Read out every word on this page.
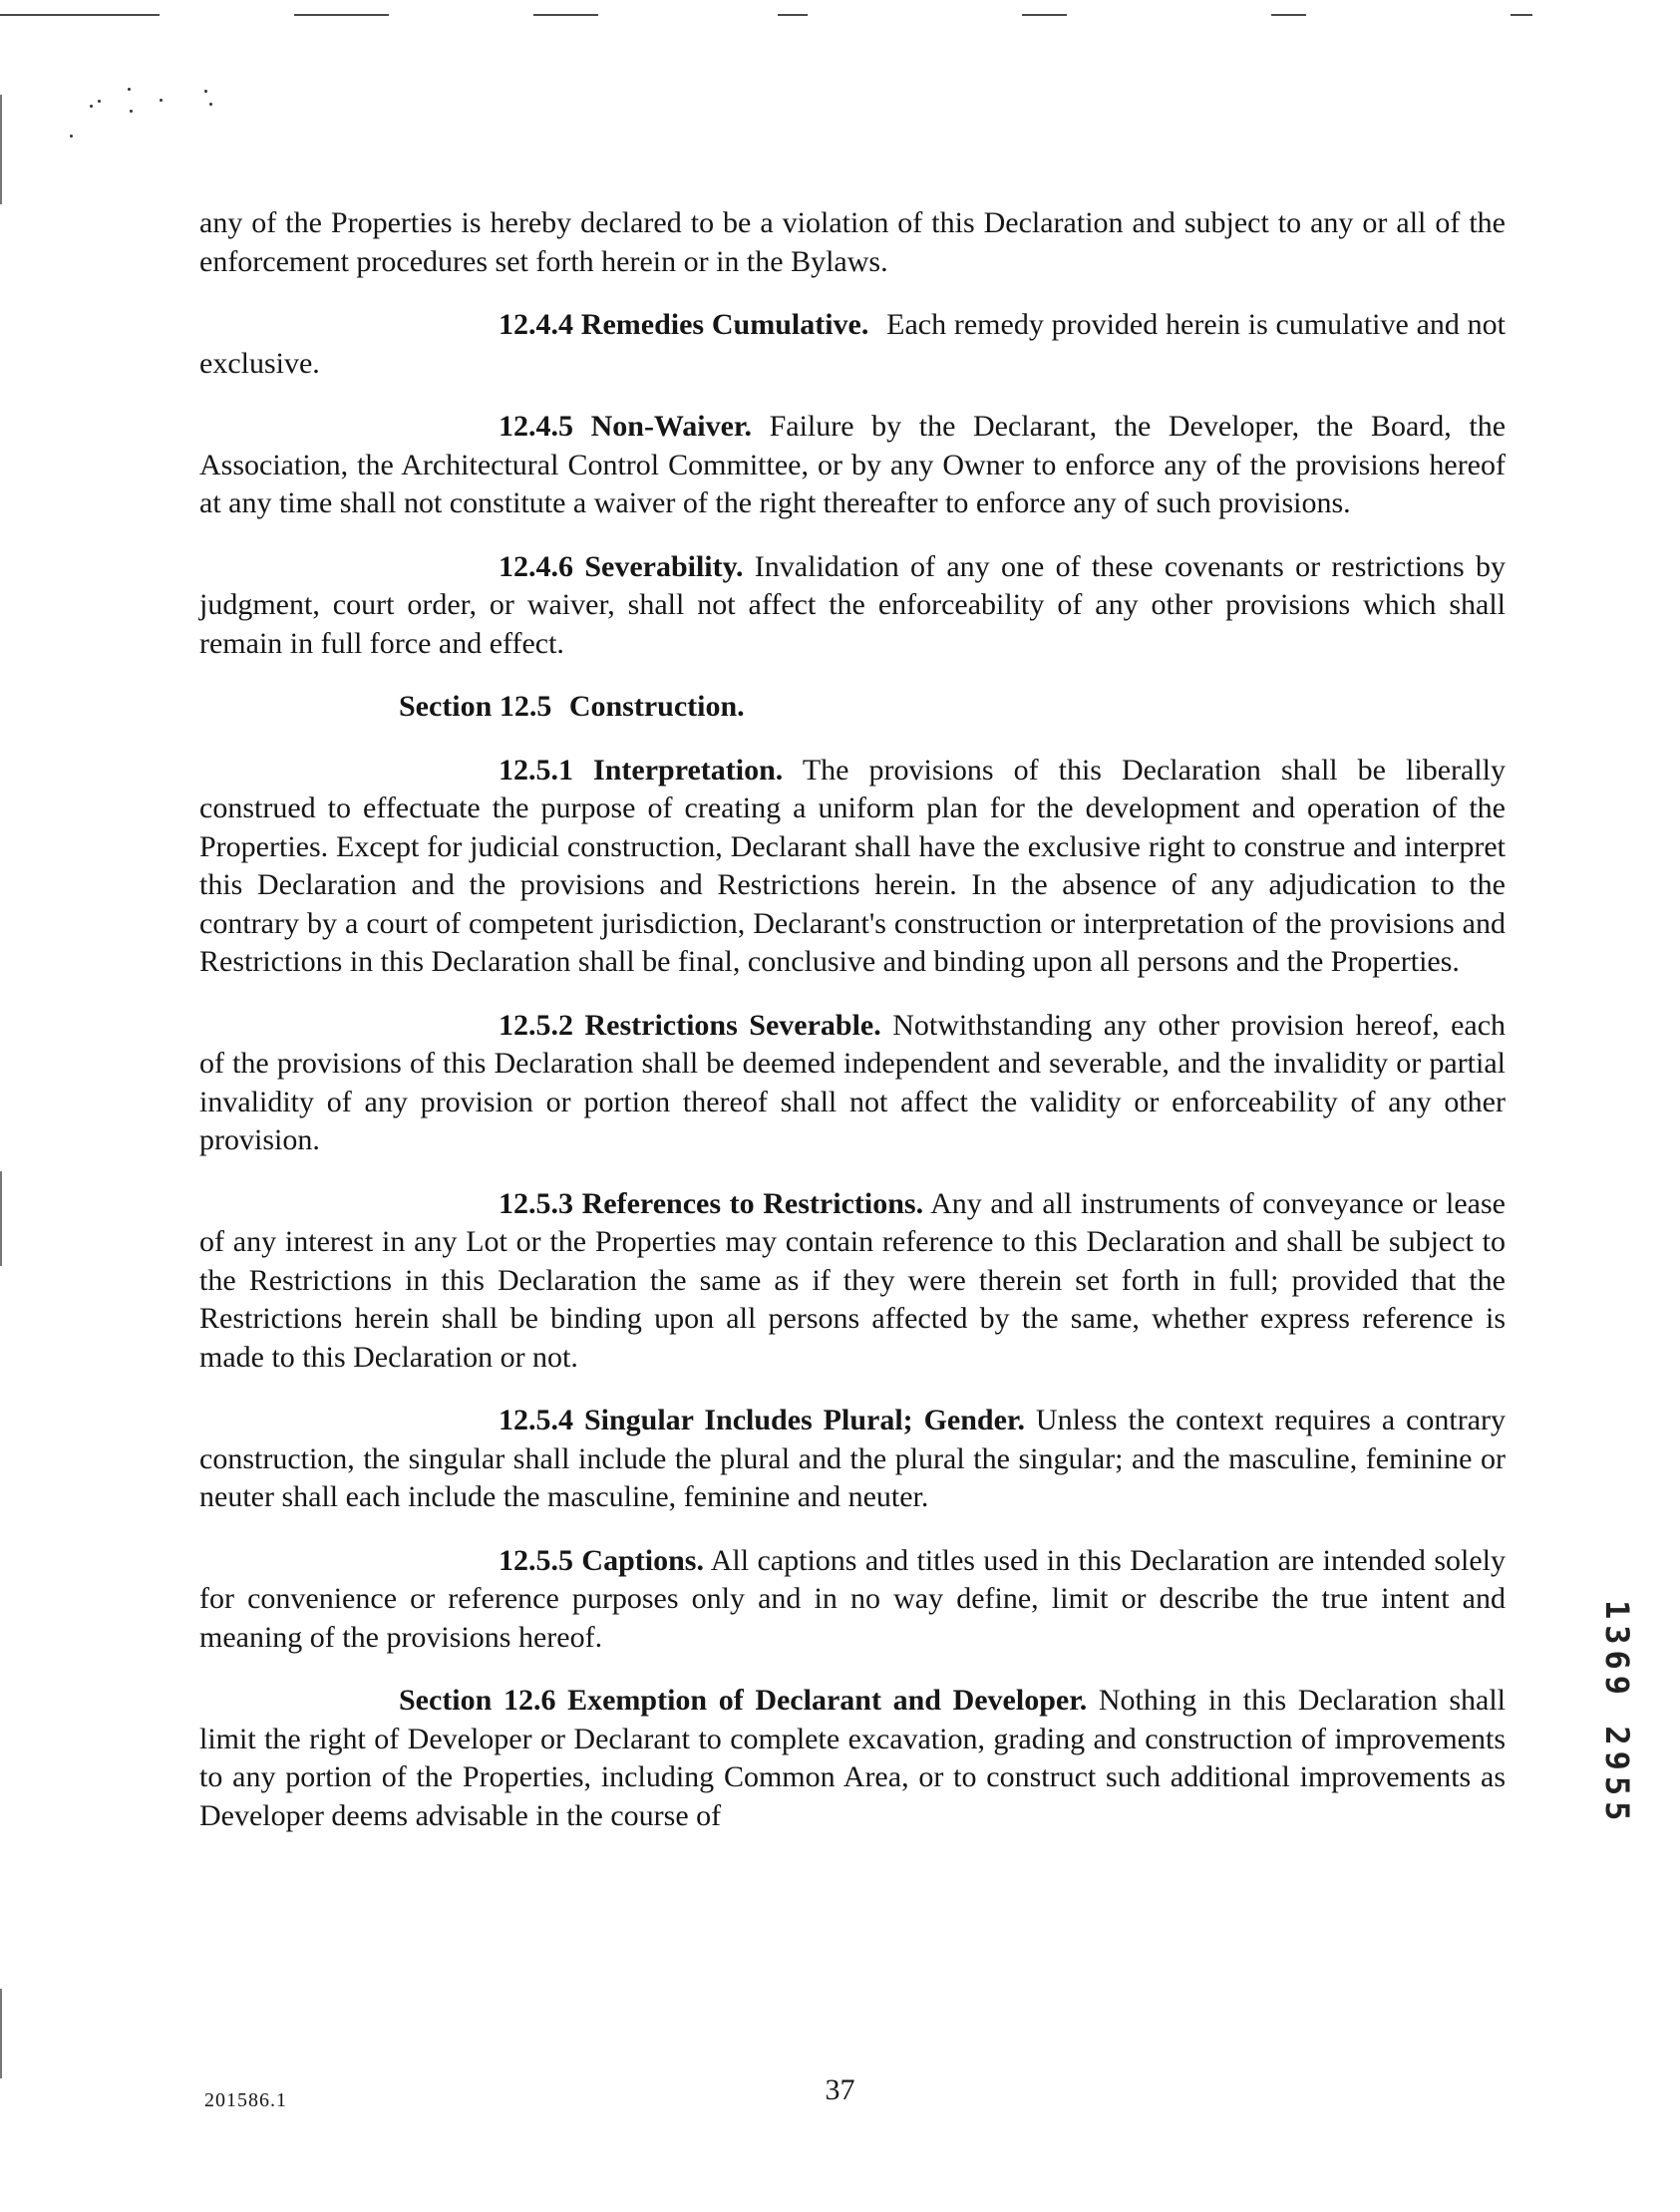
any of the Properties is hereby declared to be a violation of this Declaration and subject to any or all of the enforcement procedures set forth herein or in the Bylaws.

12.4.4 Remedies Cumulative. Each remedy provided herein is cumulative and not exclusive.

12.4.5 Non-Waiver. Failure by the Declarant, the Developer, the Board, the Association, the Architectural Control Committee, or by any Owner to enforce any of the provisions hereof at any time shall not constitute a waiver of the right thereafter to enforce any of such provisions.

12.4.6 Severability. Invalidation of any one of these covenants or restrictions by judgment, court order, or waiver, shall not affect the enforceability of any other provisions which shall remain in full force and effect.

Section 12.5 Construction.

12.5.1 Interpretation. The provisions of this Declaration shall be liberally construed to effectuate the purpose of creating a uniform plan for the development and operation of the Properties. Except for judicial construction, Declarant shall have the exclusive right to construe and interpret this Declaration and the provisions and Restrictions herein. In the absence of any adjudication to the contrary by a court of competent jurisdiction, Declarant's construction or interpretation of the provisions and Restrictions in this Declaration shall be final, conclusive and binding upon all persons and the Properties.

12.5.2 Restrictions Severable. Notwithstanding any other provision hereof, each of the provisions of this Declaration shall be deemed independent and severable, and the invalidity or partial invalidity of any provision or portion thereof shall not affect the validity or enforceability of any other provision.

12.5.3 References to Restrictions. Any and all instruments of conveyance or lease of any interest in any Lot or the Properties may contain reference to this Declaration and shall be subject to the Restrictions in this Declaration the same as if they were therein set forth in full; provided that the Restrictions herein shall be binding upon all persons affected by the same, whether express reference is made to this Declaration or not.

12.5.4 Singular Includes Plural; Gender. Unless the context requires a contrary construction, the singular shall include the plural and the plural the singular; and the masculine, feminine or neuter shall each include the masculine, feminine and neuter.

12.5.5 Captions. All captions and titles used in this Declaration are intended solely for convenience or reference purposes only and in no way define, limit or describe the true intent and meaning of the provisions hereof.

Section 12.6 Exemption of Declarant and Developer. Nothing in this Declaration shall limit the right of Developer or Declarant to complete excavation, grading and construction of improvements to any portion of the Properties, including Common Area, or to construct such additional improvements as Developer deems advisable in the course of

201586.1	37
1369 2955
